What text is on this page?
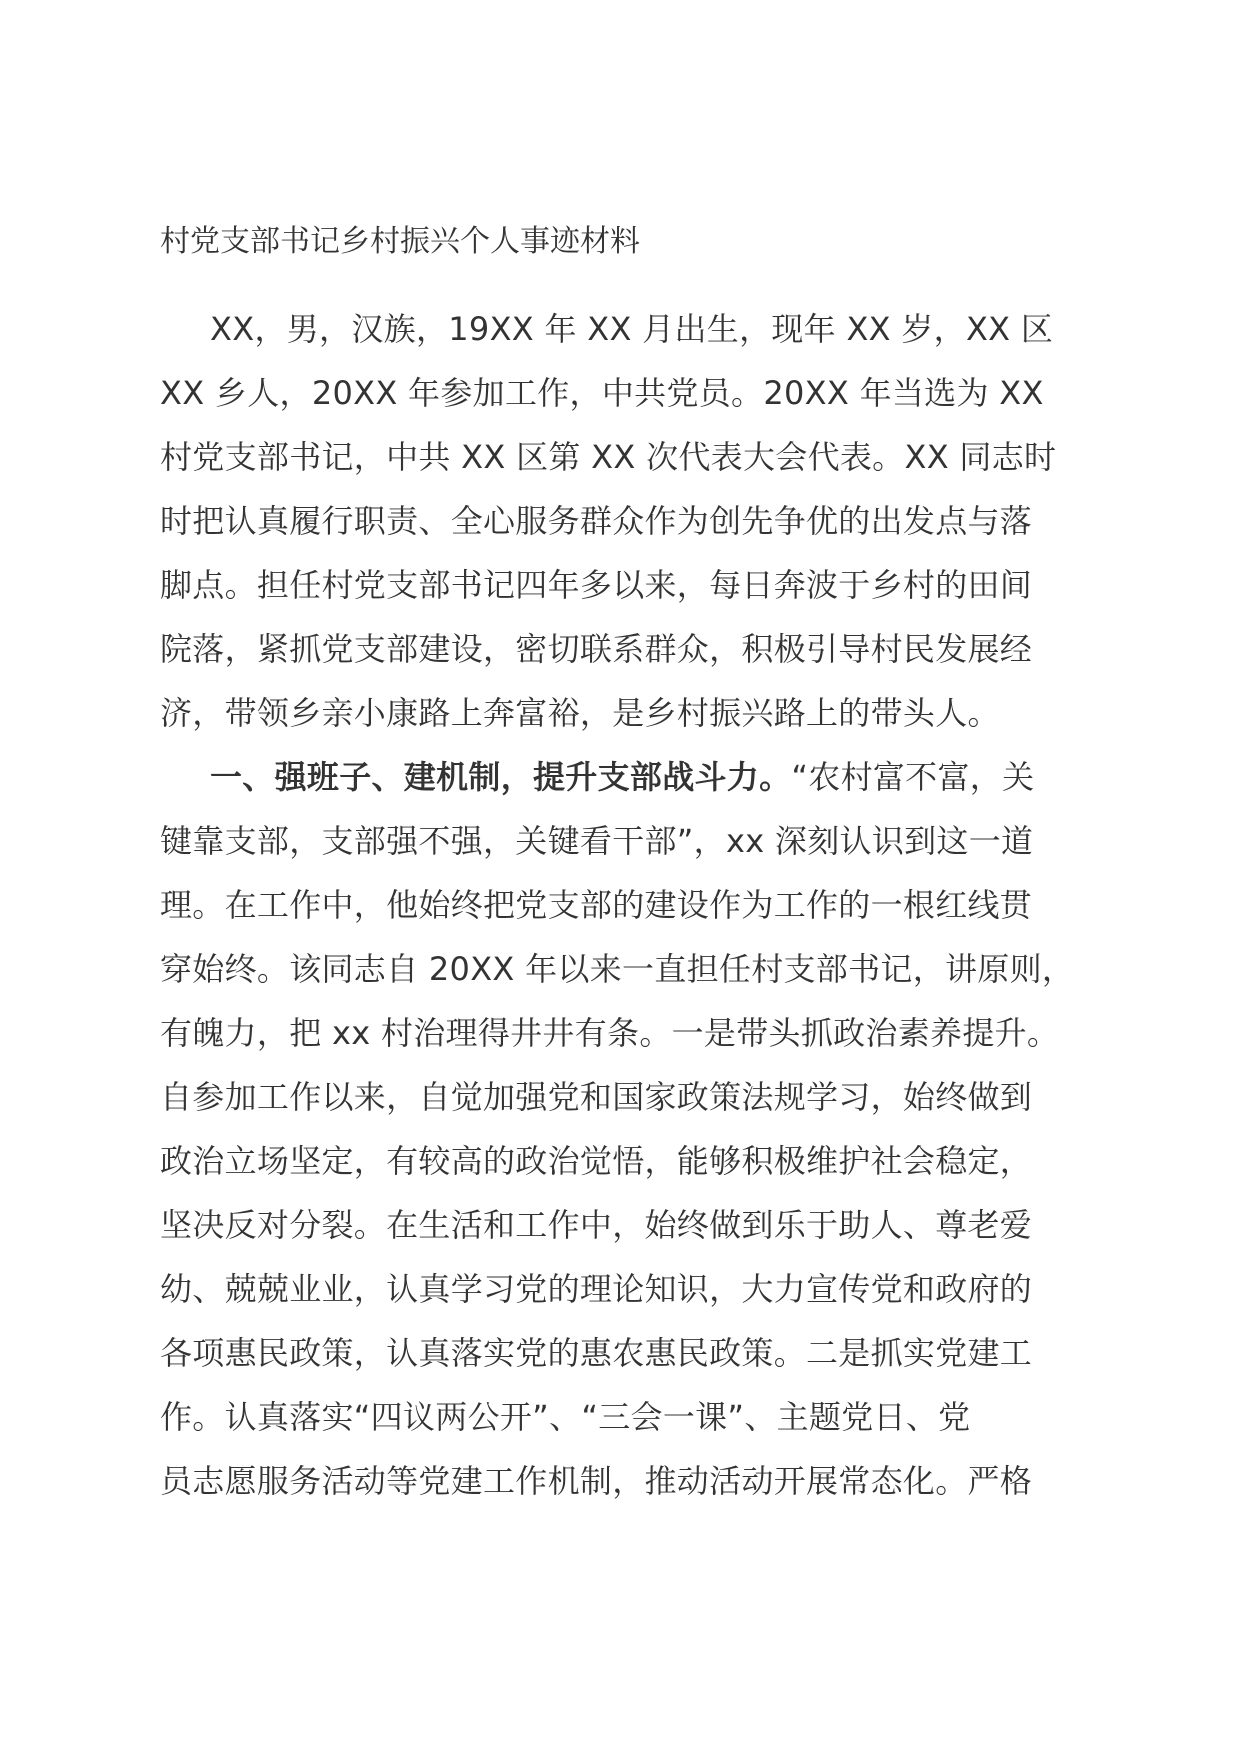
村党支部书记乡村振兴个人事迹材料
XX，男，汉族，19XX 年 XX 月出生，现年 XX 岁，XX 区
XX 乡人，20XX 年参加工作，中共党员。20XX 年当选为 XX
村党支部书记，中共 XX 区第 XX 次代表大会代表。XX 同志时
时把认真履行职责、全心服务群众作为创先争优的出发点与落
脚点。担任村党支部书记四年多以来，每日奔波于乡村的田间
院落，紧抓党支部建设，密切联系群众，积极引导村民发展经
济，带领乡亲小康路上奔富裕，是乡村振兴路上的带头人。
一、强班子、建机制，提升支部战斗力。“农村富不富，关
键靠支部，支部强不强，关键看干部”，xx 深刻认识到这一道
理。在工作中，他始终把党支部的建设作为工作的一根红线贯
穿始终。该同志自 20XX 年以来一直担任村支部书记，讲原则，
有魄力，把 xx 村治理得井井有条。一是带头抓政治素养提升。
自参加工作以来，自觉加强党和国家政策法规学习，始终做到
政治立场坚定，有较高的政治觉悟，能够积极维护社会稳定，
坚决反对分裂。在生活和工作中，始终做到乐于助人、尊老爱
幼、兢兢业业，认真学习党的理论知识，大力宣传党和政府的
各项惠民政策，认真落实党的惠农惠民政策。二是抓实党建工
作。认真落实“四议两公开”、“三会一课”、主题党日、党
员志愿服务活动等党建工作机制，推动活动开展常态化。严格
